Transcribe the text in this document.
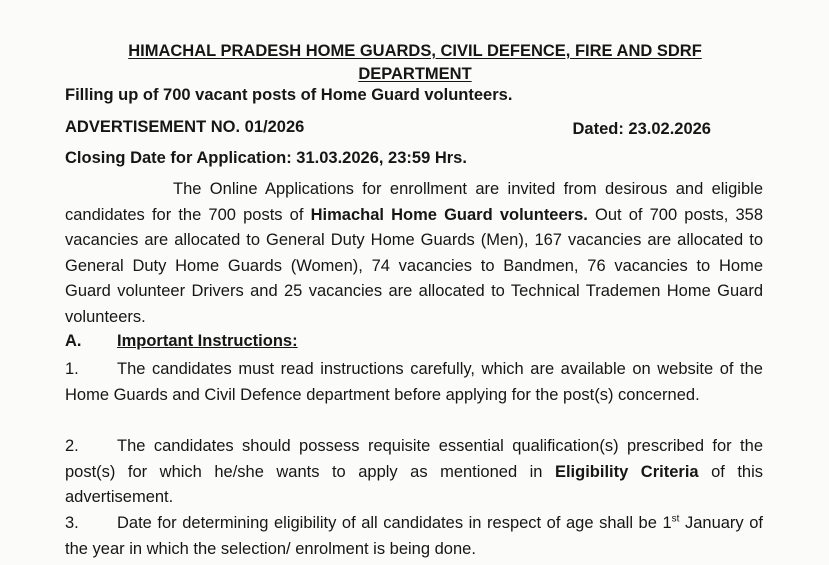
HIMACHAL PRADESH HOME GUARDS, CIVIL DEFENCE, FIRE AND SDRF DEPARTMENT
Filling up of 700 vacant posts of Home Guard volunteers.
ADVERTISEMENT NO. 01/2026	Dated: 23.02.2026
Closing Date for Application: 31.03.2026, 23:59 Hrs.
The Online Applications for enrollment are invited from desirous and eligible candidates for the 700 posts of Himachal Home Guard volunteers. Out of 700 posts, 358 vacancies are allocated to General Duty Home Guards (Men), 167 vacancies are allocated to General Duty Home Guards (Women), 74 vacancies to Bandmen, 76 vacancies to Home Guard volunteer Drivers and 25 vacancies are allocated to Technical Trademen Home Guard volunteers.
A. Important Instructions:
1. The candidates must read instructions carefully, which are available on website of the Home Guards and Civil Defence department before applying for the post(s) concerned.
2. The candidates should possess requisite essential qualification(s) prescribed for the post(s) for which he/she wants to apply as mentioned in Eligibility Criteria of this advertisement.
3. Date for determining eligibility of all candidates in respect of age shall be 1st January of the year in which the selection/ enrolment is being done.
